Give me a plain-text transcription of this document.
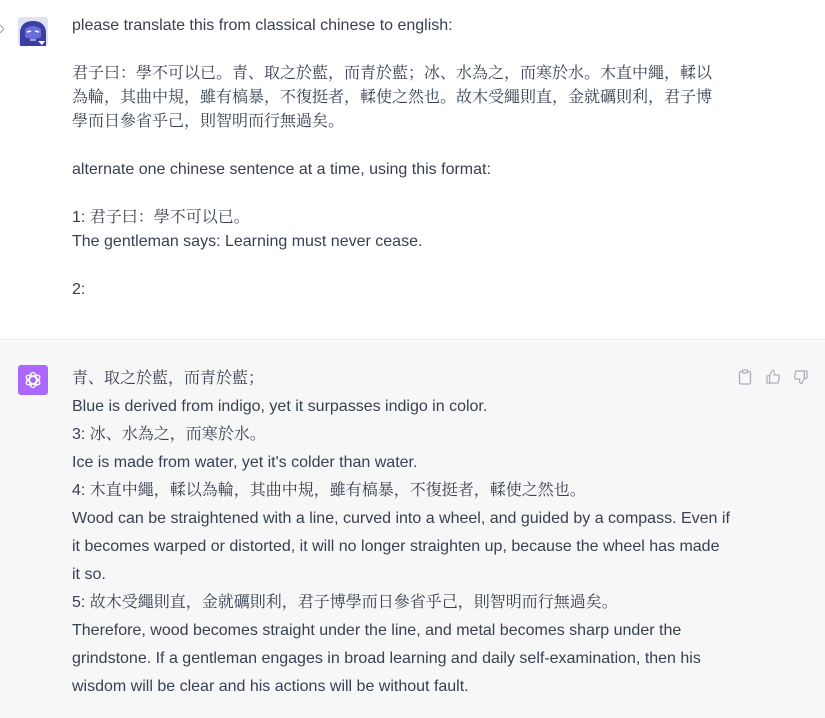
please translate this from classical chinese to english:
君子曰：學不可以已。青、取之於藍，而青於藍；冰、水為之，而寒於水。木直中繩，輮以
為輪，其曲中規，雖有槁暴，不復挺者，輮使之然也。故木受繩則直，金就礪則利，君子博
學而日參省乎己，則智明而行無過矣。
alternate one chinese sentence at a time, using this format:
1: 君子曰：學不可以已。
The gentleman says: Learning must never cease.
2:
青、取之於藍，而青於藍；
Blue is derived from indigo, yet it surpasses indigo in color.
3: 冰、水為之，而寒於水。
Ice is made from water, yet it's colder than water.
4: 木直中繩，輮以為輪，其曲中規，雖有槁暴，不復挺者，輮使之然也。
Wood can be straightened with a line, curved into a wheel, and guided by a compass. Even if
it becomes warped or distorted, it will no longer straighten up, because the wheel has made
it so.
5: 故木受繩則直，金就礪則利，君子博學而日參省乎己，則智明而行無過矣。
Therefore, wood becomes straight under the line, and metal becomes sharp under the
grindstone. If a gentleman engages in broad learning and daily self-examination, then his
wisdom will be clear and his actions will be without fault.
